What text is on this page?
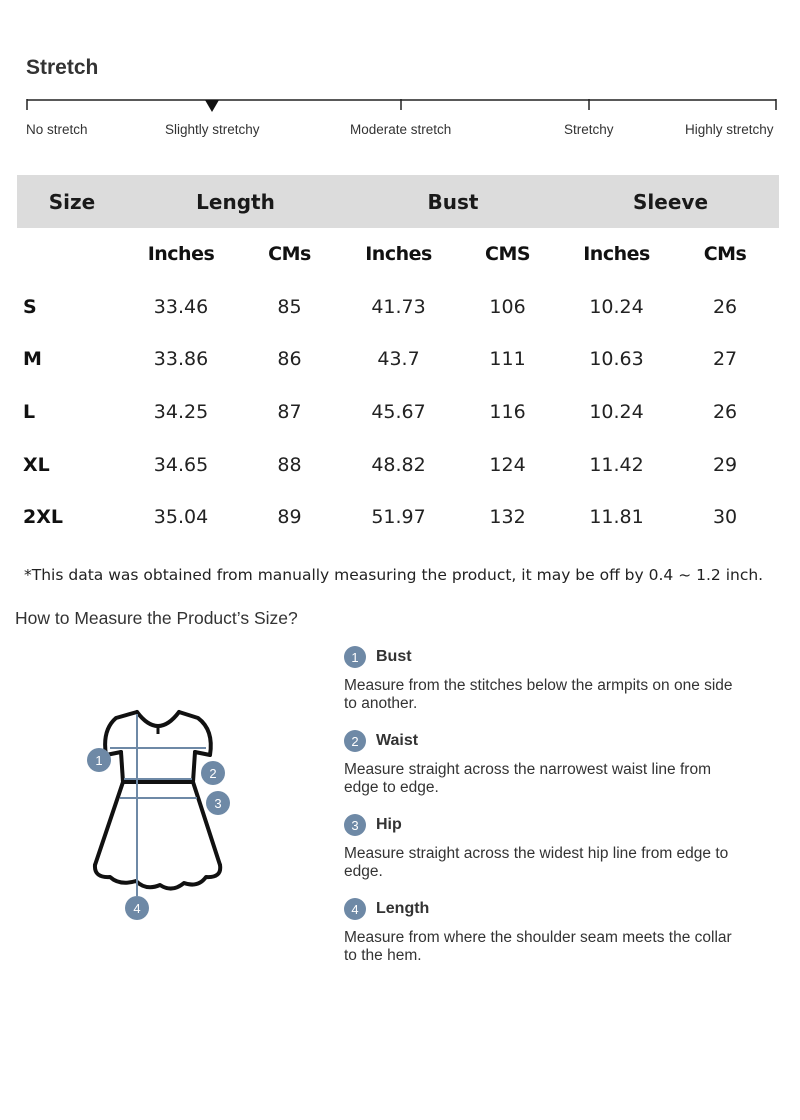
Stretch
No stretch	Slightly stretchy	Moderate stretch	Stretchy	Highly stretchy
Size	Length		Bust		Sleeve	
	Inches	CMs	Inches	CMS	Inches	CMs
S	33.46	85	41.73	106	10.24	26
M	33.86	86	43.7	111	10.63	27
L	34.25	87	45.67	116	10.24	26
XL	34.65	88	48.82	124	11.42	29
2XL	35.04	89	51.97	132	11.81	30
*This data was obtained from manually measuring the product, it may be off by 0.4 ~ 1.2 inch.
How to Measure the Product’s Size?
1
2
3
4
1	Bust
Measure from the stitches below the armpits on one side to another.
2	Waist
Measure straight across the narrowest waist line from edge to edge.
3	Hip
Measure straight across the widest hip line from edge to edge.
4	Length
Measure from where the shoulder seam meets the collar to the hem.
